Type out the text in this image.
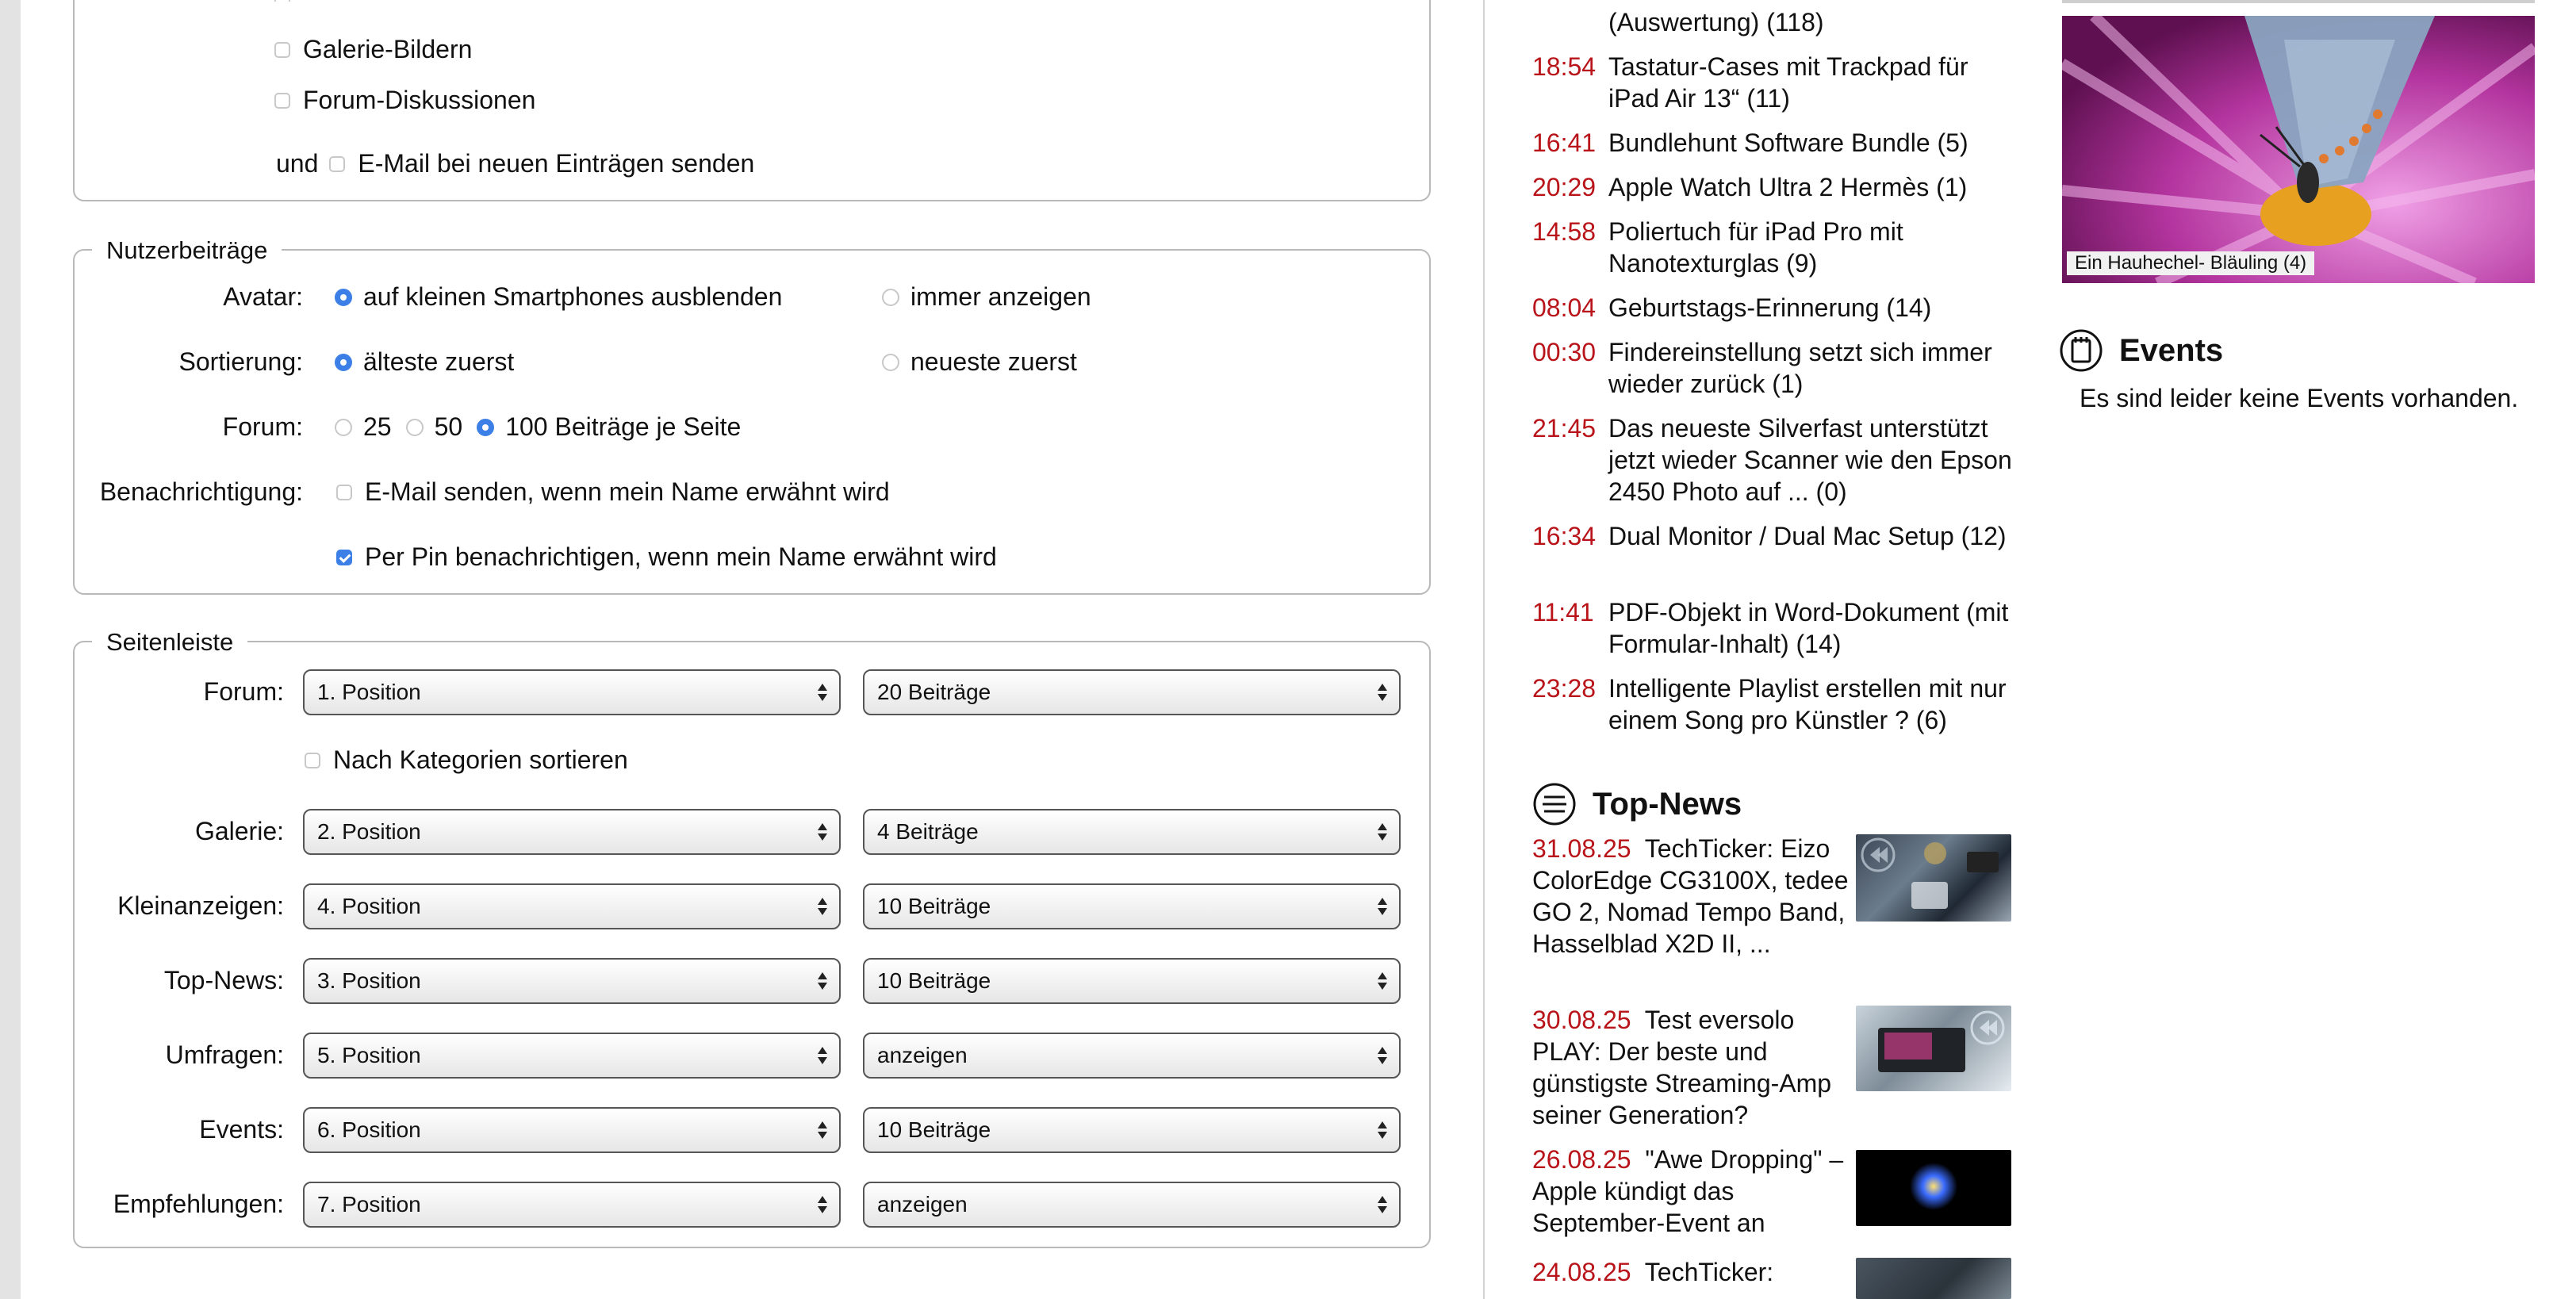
Galerie-Bildern
Forum-Diskussionen
und E-Mail bei neuen Einträgen senden
Nutzerbeiträge
Avatar:	auf kleinen Smartphones ausblenden	immer anzeigen
Sortierung:	älteste zuerst	neueste zuerst
Forum:	25 50 100 Beiträge je Seite
Benachrichtigung:	E-Mail senden, wenn mein Name erwähnt wird
Per Pin benachrichtigen, wenn mein Name erwähnt wird
Seitenleiste
Forum:	1. Position	20 Beiträge
Nach Kategorien sortieren
Galerie:	2. Position	4 Beiträge
Kleinanzeigen:	4. Position	10 Beiträge
Top-News:	3. Position	10 Beiträge
Umfragen:	5. Position	anzeigen
Events:	6. Position	10 Beiträge
Empfehlungen:	7. Position	anzeigen
(Auswertung) (118)
18:54 Tastatur-Cases mit Trackpad für iPad Air 13“ (11)
16:41 Bundlehunt Software Bundle (5)
20:29 Apple Watch Ultra 2 Hermès (1)
14:58 Poliertuch für iPad Pro mit Nanotexturglas (9)
08:04 Geburtstags-Erinnerung (14)
00:30 Findereinstellung setzt sich immer wieder zurück (1)
21:45 Das neueste Silverfast unterstützt jetzt wieder Scanner wie den Epson 2450 Photo auf ... (0)
16:34 Dual Monitor / Dual Mac Setup (12)
11:41 PDF-Objekt in Word-Dokument (mit Formular-Inhalt) (14)
23:28 Intelligente Playlist erstellen mit nur einem Song pro Künstler ? (6)
Top-News
31.08.25 TechTicker: Eizo ColorEdge CG3100X, tedee GO 2, Nomad Tempo Band, Hasselblad X2D II, ...
30.08.25 Test eversolo PLAY: Der beste und günstigste Streaming-Amp seiner Generation?
26.08.25 "Awe Dropping" – Apple kündigt das September-Event an
24.08.25 TechTicker:
Ein Hauhechel- Bläuling (4)
Events
Es sind leider keine Events vorhanden.
